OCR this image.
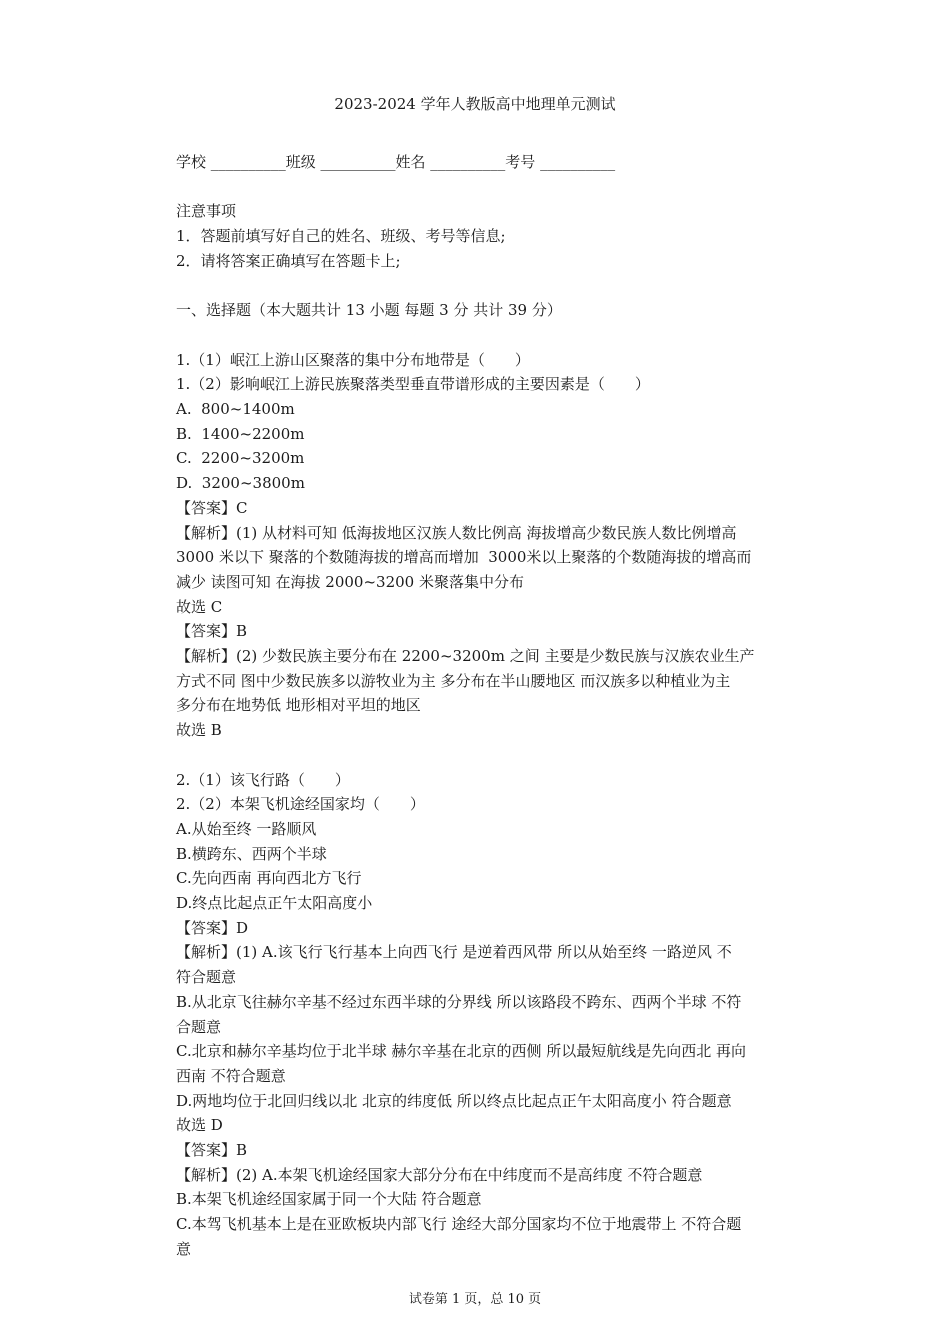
2023-2024 学年人教版高中地理单元测试
学校 __________班级 __________姓名 __________考号 __________
注意事项
1．答题前填写好自己的姓名、班级、考号等信息;
2．请将答案正确填写在答题卡上;
一、选择题（本大题共计 13 小题 每题 3 分 共计 39 分）
1.（1）岷江上游山区聚落的集中分布地带是（　　）
1.（2）影响岷江上游民族聚落类型垂直带谱形成的主要因素是（　　）
A.  800~1400m
B.  1400~2200m
C.  2200~3200m
D.  3200~3800m
【答案】C
【解析】(1) 从材料可知 低海拔地区汉族人数比例高 海拔增高少数民族人数比例增高
3000 米以下 聚落的个数随海拔的增高而增加  3000米以上聚落的个数随海拔的增高而
减少 读图可知 在海拔 2000~3200 米聚落集中分布
故选 C
【答案】B
【解析】(2) 少数民族主要分布在 2200~3200m 之间 主要是少数民族与汉族农业生产
方式不同 图中少数民族多以游牧业为主 多分布在半山腰地区 而汉族多以种植业为主
多分布在地势低 地形相对平坦的地区
故选 B
2.（1）该飞行路（　　）
2.（2）本架飞机途经国家均（　　）
A.从始至终 一路顺风
B.横跨东、西两个半球
C.先向西南 再向西北方飞行
D.终点比起点正午太阳高度小
【答案】D
【解析】(1) A.该飞行飞行基本上向西飞行 是逆着西风带 所以从始至终 一路逆风 不
符合题意
B.从北京飞往赫尔辛基不经过东西半球的分界线 所以该路段不跨东、西两个半球 不符
合题意
C.北京和赫尔辛基均位于北半球 赫尔辛基在北京的西侧 所以最短航线是先向西北 再向
西南 不符合题意
D.两地均位于北回归线以北 北京的纬度低 所以终点比起点正午太阳高度小 符合题意
故选 D
【答案】B
【解析】(2) A.本架飞机途经国家大部分分布在中纬度而不是高纬度 不符合题意
B.本架飞机途经国家属于同一个大陆 符合题意
C.本驾飞机基本上是在亚欧板块内部飞行 途经大部分国家均不位于地震带上 不符合题
意
试卷第 1 页，总 10 页
